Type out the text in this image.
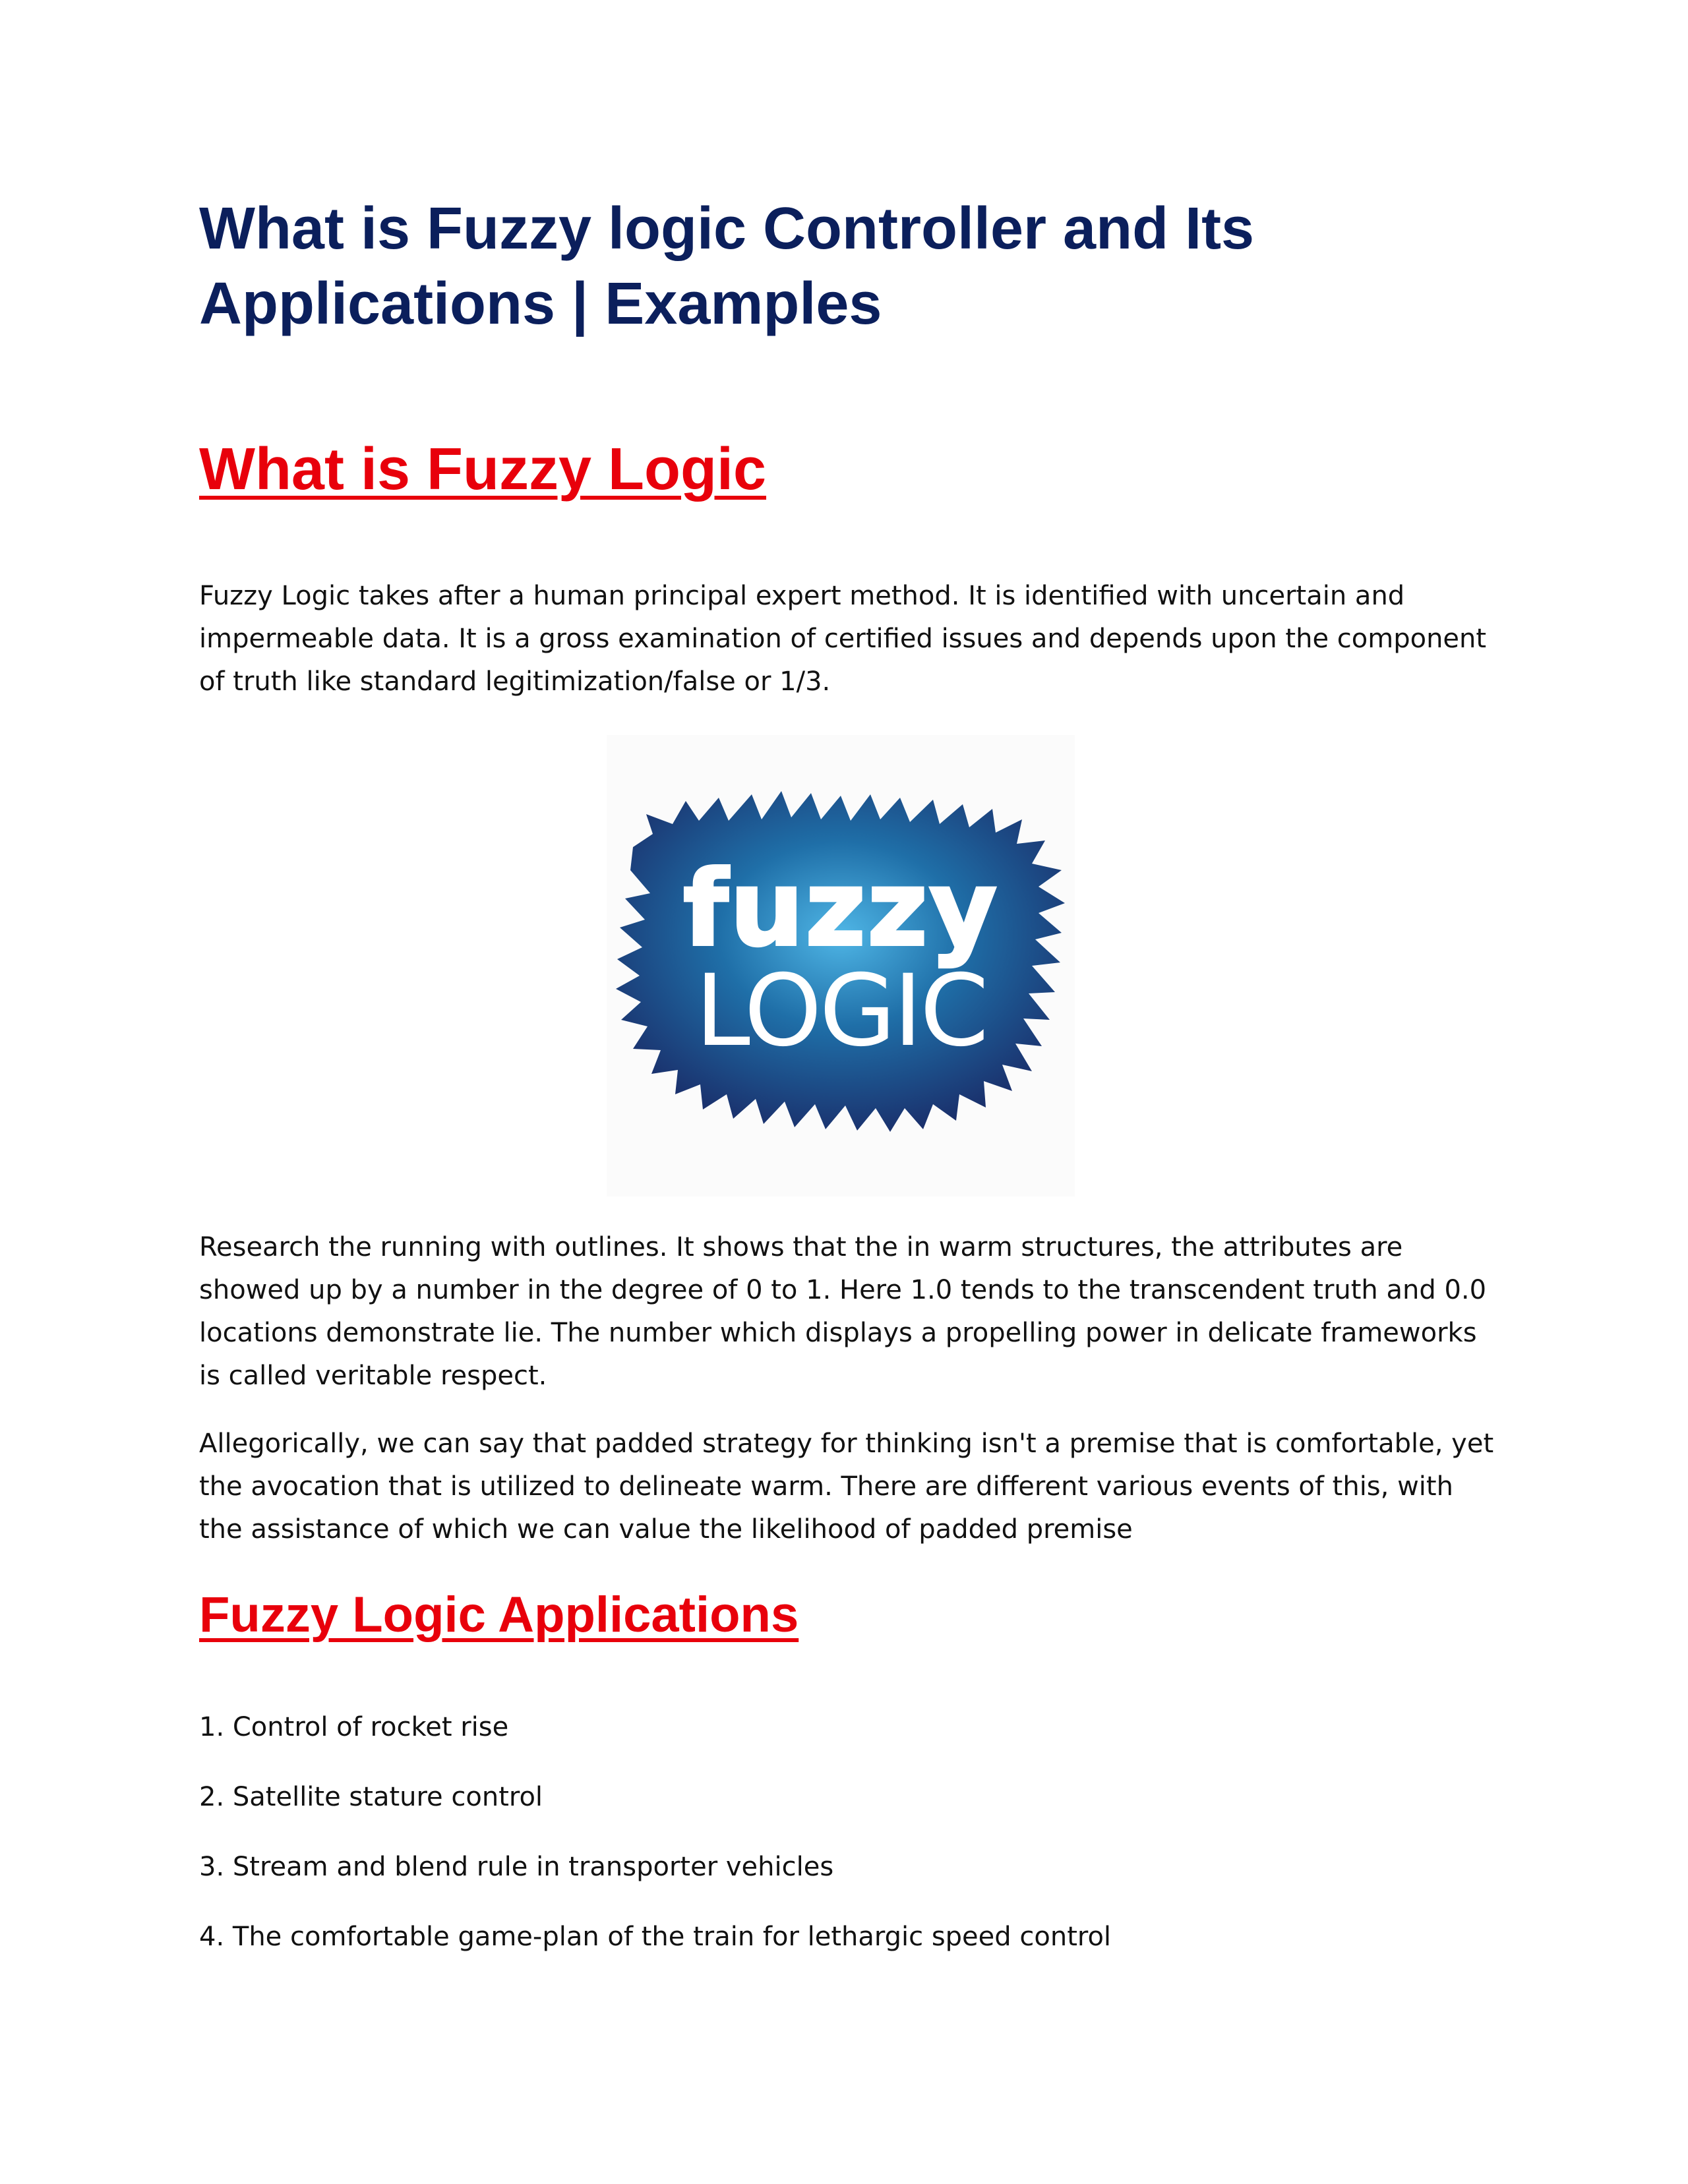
What is Fuzzy logic Controller and Its Applications | Examples
What is Fuzzy Logic

Fuzzy Logic takes after a human principal expert method. It is identified with uncertain and impermeable data. It is a gross examination of certified issues and depends upon the component of truth like standard legitimization/false or 1/3.

Research the running with outlines. It shows that the in warm structures, the attributes are showed up by a number in the degree of 0 to 1. Here 1.0 tends to the transcendent truth and 0.0 locations demonstrate lie. The number which displays a propelling power in delicate frameworks is called veritable respect.

Allegorically, we can say that padded strategy for thinking isn't a premise that is comfortable, yet the avocation that is utilized to delineate warm. There are different various events of this, with the assistance of which we can value the likelihood of padded premise

Fuzzy Logic Applications
1. Control of rocket rise
2. Satellite stature control
3. Stream and blend rule in transporter vehicles
4. The comfortable game-plan of the train for lethargic speed control
fuzzy
LOGIC
